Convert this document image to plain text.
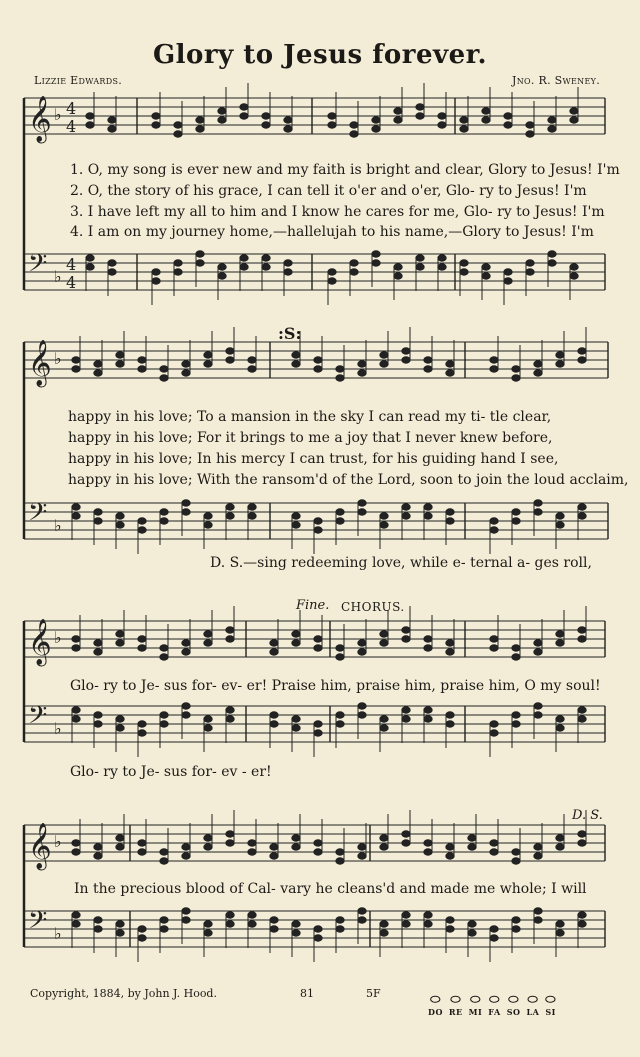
Glory to Jesus forever.
Lizzie Edwards.	Jno. R. Sweney.
𝄞
𝄢
♭
♭
4
4
4
4
𝄞
𝄢
♭
♭
𝄞
𝄢
♭
♭
𝄞
𝄢
♭
♭
1. O, my song is ever new and my faith is bright and clear, Glory to Jesus! I'm
2. O, the story of his grace, I can tell it o'er and o'er, Glo- ry to Jesus! I'm
3. I have left my all to him and I know he cares for me, Glo- ry to Jesus! I'm
4. I am on my journey home,—hallelujah to his name,—Glory to Jesus! I'm
:S:
happy in his love; To a mansion in the sky I can read my ti- tle clear,
happy in his love; For it brings to me a joy that I never knew before,
happy in his love; In his mercy I can trust, for his guiding hand I see,
happy in his love; With the ransom'd of the Lord, soon to join the loud acclaim,
D. S.—sing redeeming love, while e- ternal a- ges roll,
Fine. CHORUS.
Glo- ry to Je- sus for- ev- er! Praise him, praise him, praise him, O my soul!
Glo- ry to Je- sus for- ev - er!
D. S.
In the precious blood of Cal- vary he cleans'd and made me whole; I will
Copyright, 1884, by John J. Hood.	81	5F	⬭
DO
⬭
RE
⬭
MI
⬭
FA
⬭
SO
⬭
LA
⬭
SI
